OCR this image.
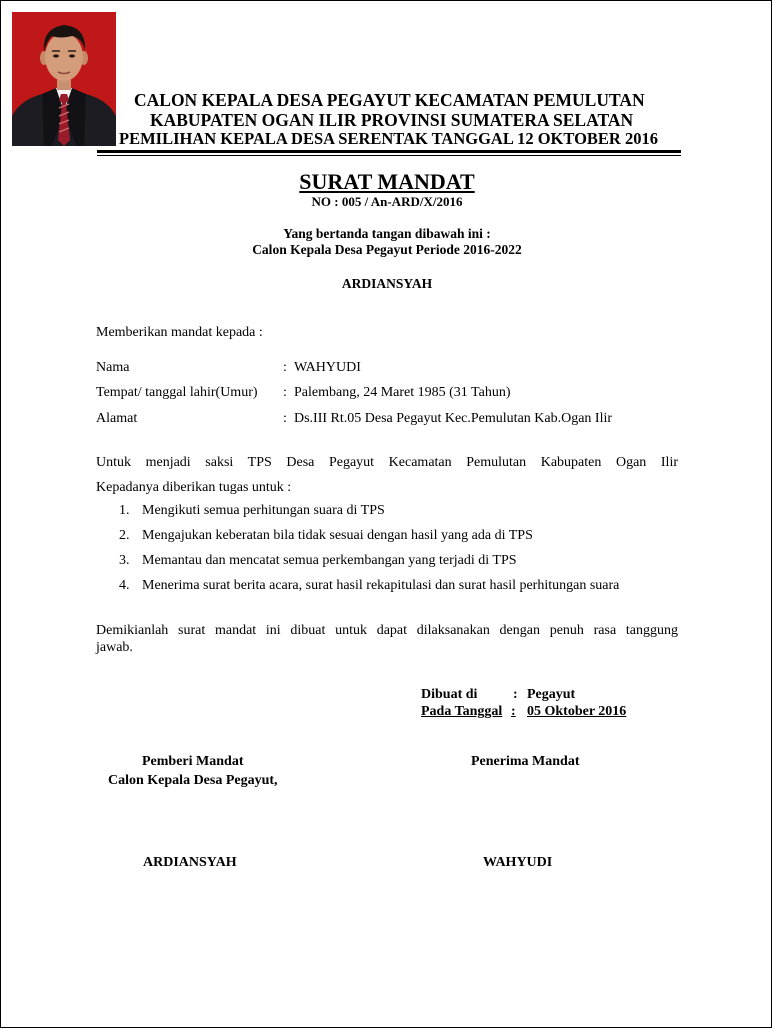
CALON KEPALA DESA PEGAYUT KECAMATAN PEMULUTAN
KABUPATEN OGAN ILIR PROVINSI SUMATERA SELATAN
PEMILIHAN KEPALA DESA SERENTAK TANGGAL 12 OKTOBER 2016
SURAT MANDAT
NO : 005 / An-ARD/X/2016
Yang bertanda tangan dibawah ini :
Calon Kepala Desa Pegayut Periode 2016-2022
ARDIANSYAH
Memberikan mandat kepada :
Nama	: WAHYUDI
Tempat/ tanggal lahir(Umur) : Palembang, 24 Maret 1985 (31 Tahun)
Alamat	: Ds.III Rt.05 Desa Pegayut Kec.Pemulutan Kab.Ogan Ilir
Untuk menjadi saksi TPS Desa Pegayut Kecamatan Pemulutan Kabupaten Ogan Ilir
Kepadanya diberikan tugas untuk :
1. Mengikuti semua perhitungan suara di TPS
2. Mengajukan keberatan bila tidak sesuai dengan hasil yang ada di TPS
3. Memantau dan mencatat semua perkembangan yang terjadi di TPS
4. Menerima surat berita acara, surat hasil rekapitulasi dan surat hasil perhitungan suara
Demikianlah surat mandat ini dibuat untuk dapat dilaksanakan dengan penuh rasa tanggung
jawab.
Dibuat di	: Pegayut
Pada Tanggal : 05 Oktober 2016
Pemberi Mandat
Calon Kepala Desa Pegayut,
Penerima Mandat
ARDIANSYAH	WAHYUDI
